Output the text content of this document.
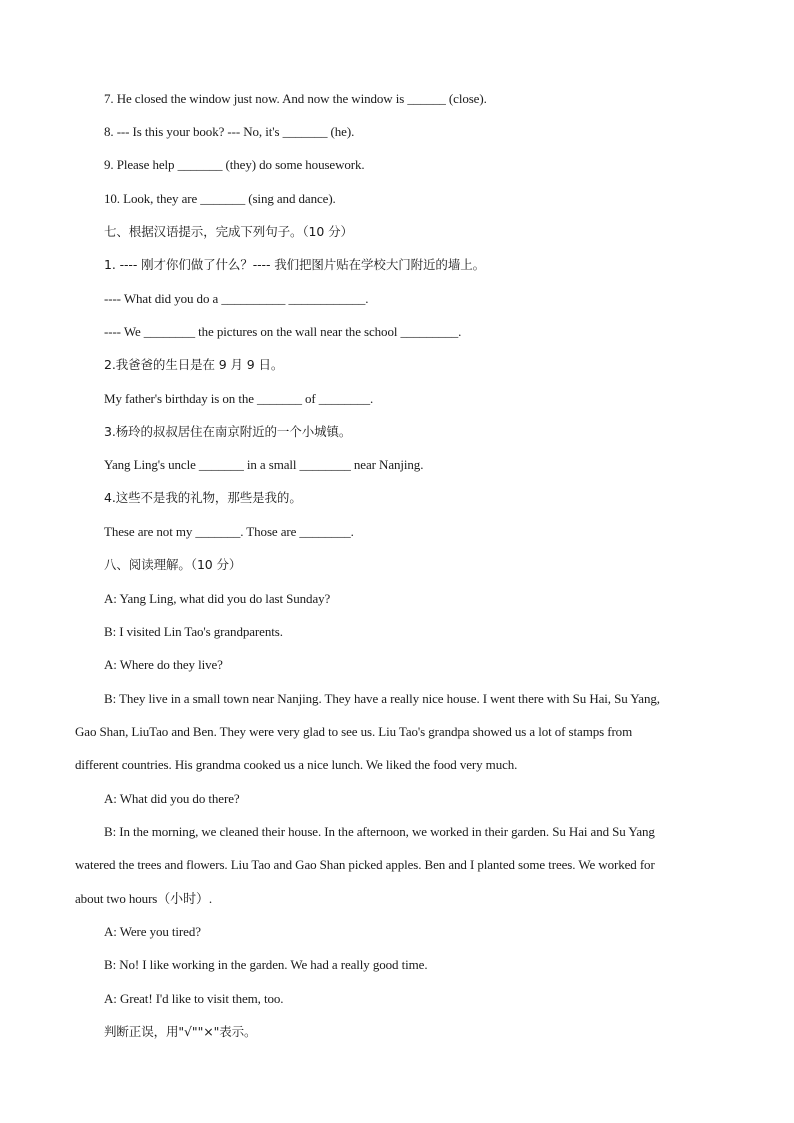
7. He closed the window just now. And now the window is ______ (close).
8. --- Is this your book? --- No, it's _______ (he).
9. Please help _______ (they) do some housework.
10. Look, they are _______ (sing and dance).
七、根据汉语提示，完成下列句子。（10 分）
1. ---- 刚才你们做了什么？---- 我们把图片贴在学校大门附近的墙上。
---- What did you do a __________ ____________.
---- We ________ the pictures on the wall near the school _________.
2.我爸爸的生日是在 9 月 9 日。
My father's birthday is on the _______ of ________.
3.杨玲的叔叔居住在南京附近的一个小城镇。
Yang Ling's uncle _______ in a small ________ near Nanjing.
4.这些不是我的礼物，那些是我的。
These are not my _______. Those are ________.
八、阅读理解。（10 分）
A: Yang Ling, what did you do last Sunday?
B: I visited Lin Tao's grandparents.
A: Where do they live?
B: They live in a small town near Nanjing. They have a really nice house. I went there with Su Hai, Su Yang,
Gao Shan, LiuTao and Ben. They were very glad to see us. Liu Tao's grandpa showed us a lot of stamps from
different countries. His grandma cooked us a nice lunch. We liked the food very much.
A: What did you do there?
B: In the morning, we cleaned their house. In the afternoon, we worked in their garden. Su Hai and Su Yang
watered the trees and flowers. Liu Tao and Gao Shan picked apples. Ben and I planted some trees. We worked for
about two hours（小时）.
A: Were you tired?
B: No! I like working in the garden. We had a really good time.
A: Great! I'd like to visit them, too.
判断正误，用"√""×"表示。
